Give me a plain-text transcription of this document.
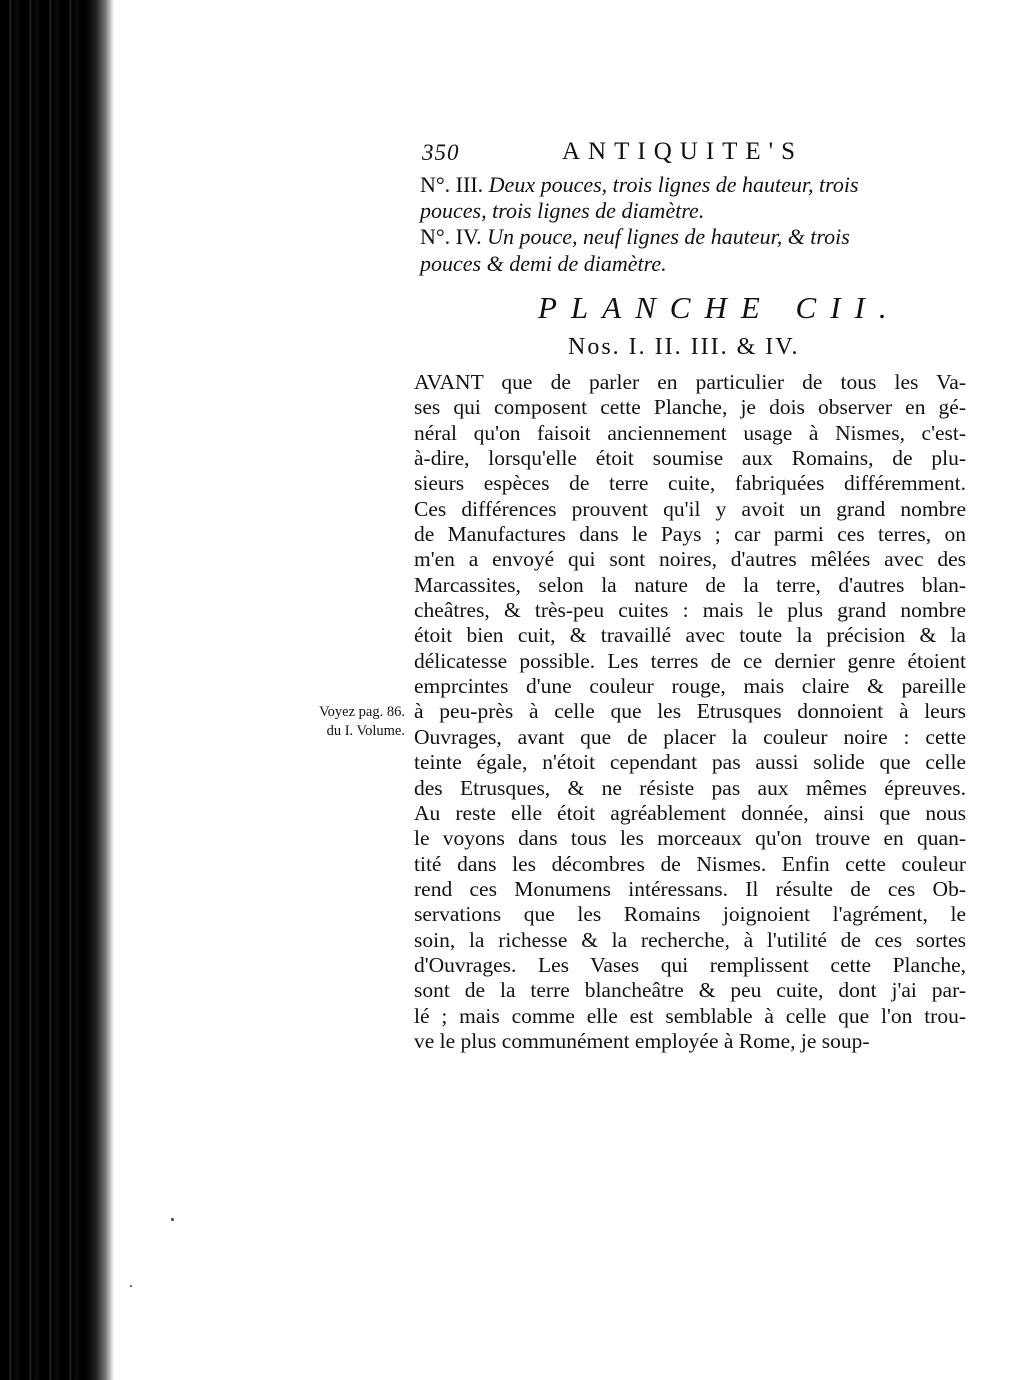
350	ANTIQUITE'S
N°. III. Deux pouces, trois lignes de hauteur, trois
pouces, trois lignes de diamètre.
N°. IV. Un pouce, neuf lignes de hauteur, & trois
pouces & demi de diamètre.
PLANCHE CII.
Nos. I. II. III. & IV.
Voyez pag. 86.
du I. Volume.
AVANT que de parler en particulier de tous les Va-
ses qui composent cette Planche, je dois observer en gé-
néral qu'on faisoit anciennement usage à Nismes, c'est-
à-dire, lorsqu'elle étoit soumise aux Romains, de plu-
sieurs espèces de terre cuite, fabriquées différemment.
Ces différences prouvent qu'il y avoit un grand nombre
de Manufactures dans le Pays ; car parmi ces terres, on
m'en a envoyé qui sont noires, d'autres mêlées avec des
Marcassites, selon la nature de la terre, d'autres blan-
cheâtres, & très-peu cuites : mais le plus grand nombre
étoit bien cuit, & travaillé avec toute la précision & la
délicatesse possible. Les terres de ce dernier genre étoient
emprcintes d'une couleur rouge, mais claire & pareille
à peu-près à celle que les Etrusques donnoient à leurs
Ouvrages, avant que de placer la couleur noire : cette
teinte égale, n'étoit cependant pas aussi solide que celle
des Etrusques, & ne résiste pas aux mêmes épreuves.
Au reste elle étoit agréablement donnée, ainsi que nous
le voyons dans tous les morceaux qu'on trouve en quan-
tité dans les décombres de Nismes. Enfin cette couleur
rend ces Monumens intéressans. Il résulte de ces Ob-
servations que les Romains joignoient l'agrément, le
soin, la richesse & la recherche, à l'utilité de ces sortes
d'Ouvrages. Les Vases qui remplissent cette Planche,
sont de la terre blancheâtre & peu cuite, dont j'ai par-
lé ; mais comme elle est semblable à celle que l'on trou-
ve le plus communément employée à Rome, je soup-
